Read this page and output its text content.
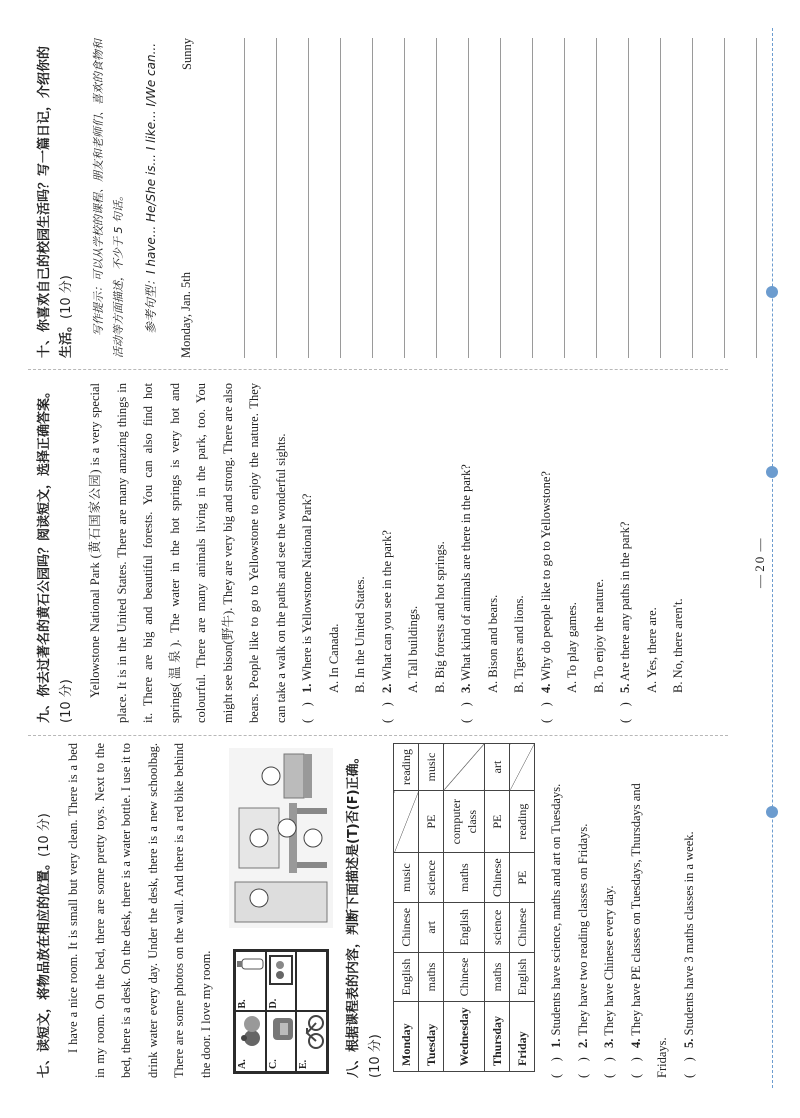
七、读短文，将物品放在相应的位置。(10 分)	I have a nice room. It is small but very clean. There is a bed in my room. On the bed, there are some pretty toys. Next to the bed, there is a desk. On the desk, there is a water bottle. I use it to drink water every day. Under the desk, there is a new schoolbag. There are some photos on the wall. And there is a red bike behind the door. I love my room.	A.
B.
C.
D.
E.	八、根据课程表的内容，判断下面描述是(T)否(F)正确。 (10 分)	Monday	English	Chinese	music		reading
Tuesday	maths	art	science	PE	music
Wednesday	Chinese	English	maths	computer class	
Thursday	maths	science	Chinese	PE	art
Friday	English	Chinese	PE	reading	

(    )1. Students have science, maths and art on Tuesdays.

(    )2. They have two reading classes on Fridays.

(    )3. They have Chinese every day.

(    )4. They have PE classes on Tuesdays, Thursdays and Fridays.	(    )5. Students have 3 maths classes in a week.

九、你去过著名的黄石公园吗？阅读短文，选择正确答案。 (10 分)

Yellowstone National Park (黄石国家公园) is a very special place. It is in the United States. There are many amazing things in it. There are big and beautiful forests. You can also find hot springs(温泉). The water in the hot springs is very hot and colourful. There are many animals living in the park, too. You might see bison(野牛). They are very big and strong. There are also bears. People like to go to Yellowstone to enjoy the nature. They can take a walk on the paths and see the wonderful sights.	(    )1. Where is Yellowstone National Park?	A. In Canada.	B. In the United States.

(    )2. What can you see in the park?	A. Tall buildings.	B. Big forests and hot springs.

(    )3. What kind of animals are there in the park?	A. Bison and bears.	B. Tigers and lions.

(    )4. Why do people like to go to Yellowstone?	A. To play games.	B. To enjoy the nature.

(    )5. Are there any paths in the park?	A. Yes, there are.	B. No, there aren't.

十、你喜欢自己的校园生活吗？写一篇日记，介绍你的生活。(10 分)	写作提示：可以从学校的课程、朋友和老师们、喜欢的食物和活动等方面描述，不少于 5 句话。	参考句型：I have... He/She is... I like... I/We can...	Monday, Jan. 5th

Sunny

— 20 —
